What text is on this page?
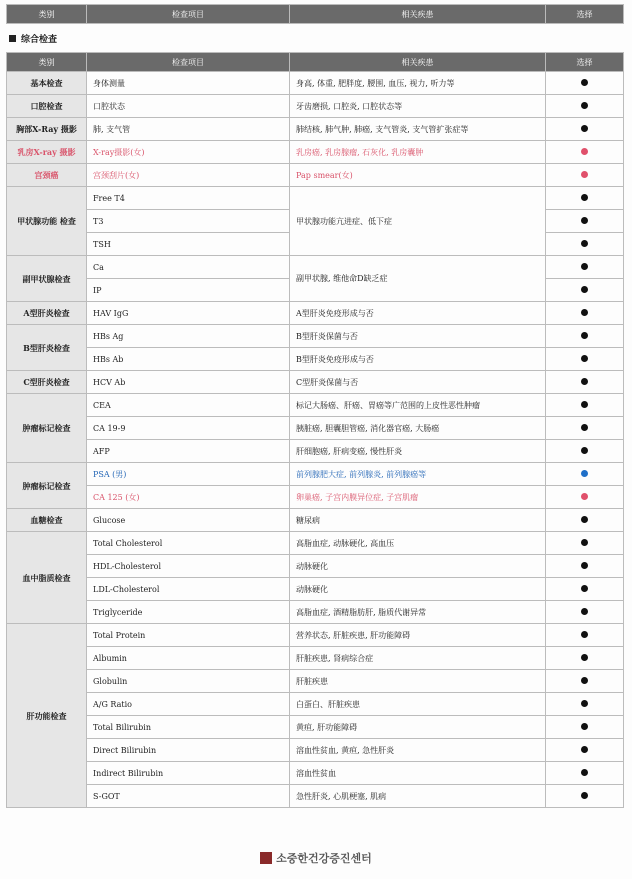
类别	检查项目	相关疾患	选择
综合检查
类别	检查项目	相关疾患	选择
基本检查	身体测量	身高, 体重, 肥胖度, 腰围, 血压, 视力, 听力等	
口腔检查	口腔状态	牙齿磨损, 口腔炎, 口腔状态等	
胸部X-Ray 摄影	肺, 支气管	肺结核, 肺气肿, 肺癌, 支气管炎, 支气管扩张症等	
乳房X-ray 摄影	X-ray摄影(女)	乳房癌, 乳房腺瘤, 石灰化, 乳房囊肿	
宫颈癌	宫颈刮片(女)	Pap smear(女)	
甲状腺功能 检查	Free T4	甲状腺功能亢进症、低下症	
	T3		
	TSH		
副甲状腺检查	Ca	副甲状腺, 维他命D缺乏症	
	IP		
A型肝炎检查	HAV IgG	A型肝炎免疫形成与否	
B型肝炎检查	HBs Ag	B型肝炎保菌与否	
	HBs Ab	B型肝炎免疫形成与否	
C型肝炎检查	HCV Ab	C型肝炎保菌与否	
肿瘤标记检查	CEA	标记大肠癌、肝癌、胃癌等广范围的上皮性恶性肿瘤	
	CA 19-9	胰脏癌, 胆囊胆管癌, 消化器官癌, 大肠癌	
	AFP	肝细胞癌, 肝病变癌, 慢性肝炎	
肿瘤标记检查	PSA (男)	前列腺肥大症, 前列腺炎, 前列腺癌等	
	CA 125 (女)	卵巢癌, 子宫内膜异位症, 子宫肌瘤	
血糖检查	Glucose	糖尿病	
血中脂质检查	Total Cholesterol	高脂血症, 动脉硬化, 高血压	
	HDL-Cholesterol	动脉硬化	
	LDL-Cholesterol	动脉硬化	
	Triglyceride	高脂血症, 酒精脂肪肝, 脂质代谢异常	
肝功能检查	Total Protein	营养状态, 肝脏疾患, 肝功能障碍	
	Albumin	肝脏疾患, 肾病综合症	
	Globulin	肝脏疾患	
	A/G Ratio	白蛋白、肝脏疾患	
	Total Bilirubin	黄疸, 肝功能障碍	
	Direct Bilirubin	溶血性贫血, 黄疸, 急性肝炎	
	Indirect Bilirubin	溶血性贫血	
	S-GOT	急性肝炎, 心肌梗塞, 肌病	
소중한건강증진센터
